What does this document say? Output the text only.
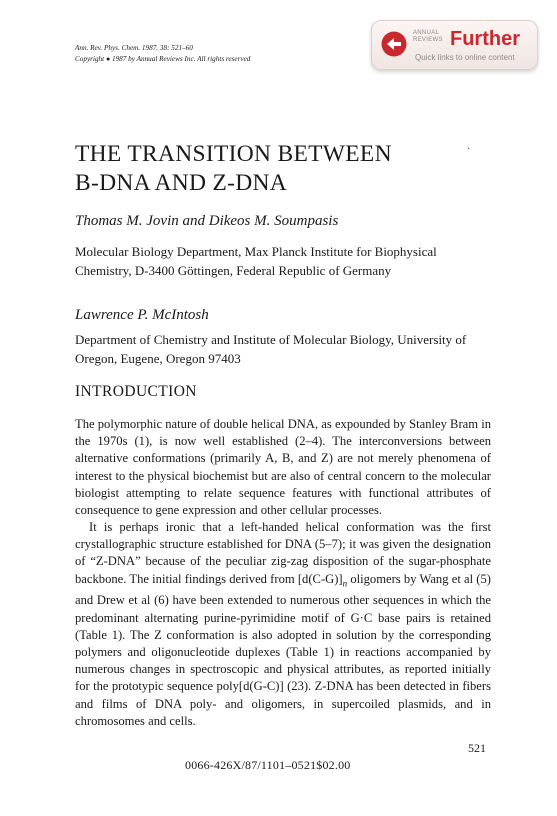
Ann. Rev. Phys. Chem. 1987. 38: 521–60
Copyright ● 1987 by Annual Reviews Inc. All rights reserved
ANNUAL
REVIEWS Further
Quick links to online content
THE TRANSITION BETWEEN
B-DNA AND Z-DNA
·
Thomas M. Jovin and Dikeos M. Soumpasis
Molecular Biology Department, Max Planck Institute for Biophysical Chemistry, D-3400 Göttingen, Federal Republic of Germany
Lawrence P. McIntosh
Department of Chemistry and Institute of Molecular Biology, University of Oregon, Eugene, Oregon 97403
INTRODUCTION

The polymorphic nature of double helical DNA, as expounded by Stanley Bram in the 1970s (1), is now well established (2–4). The interconversions between alternative conformations (primarily A, B, and Z) are not merely phenomena of interest to the physical biochemist but are also of central concern to the molecular biologist attempting to relate sequence features with functional attributes of consequence to gene expression and other cellular processes.

It is perhaps ironic that a left-handed helical conformation was the first crystallographic structure established for DNA (5–7); it was given the designation of “Z-DNA” because of the peculiar zig-zag disposition of the sugar-phosphate backbone. The initial findings derived from $[d(C-G)]_n$ oligomers by Wang et al (5) and Drew et al (6) have been extended to numerous other sequences in which the predominant alternating purine-pyrimidine motif of G·C base pairs is retained (Table 1). The Z conformation is also adopted in solution by the corresponding polymers and oligonucleotide duplexes (Table 1) in reactions accompanied by numerous changes in spectroscopic and physical attributes, as reported initially for the prototypic sequence poly[d(G-C)] (23). Z-DNA has been detected in fibers and films of DNA poly- and oligomers, in supercoiled plasmids, and in chromosomes and cells.

521
0066-426X/87/1101–0521$02.00
